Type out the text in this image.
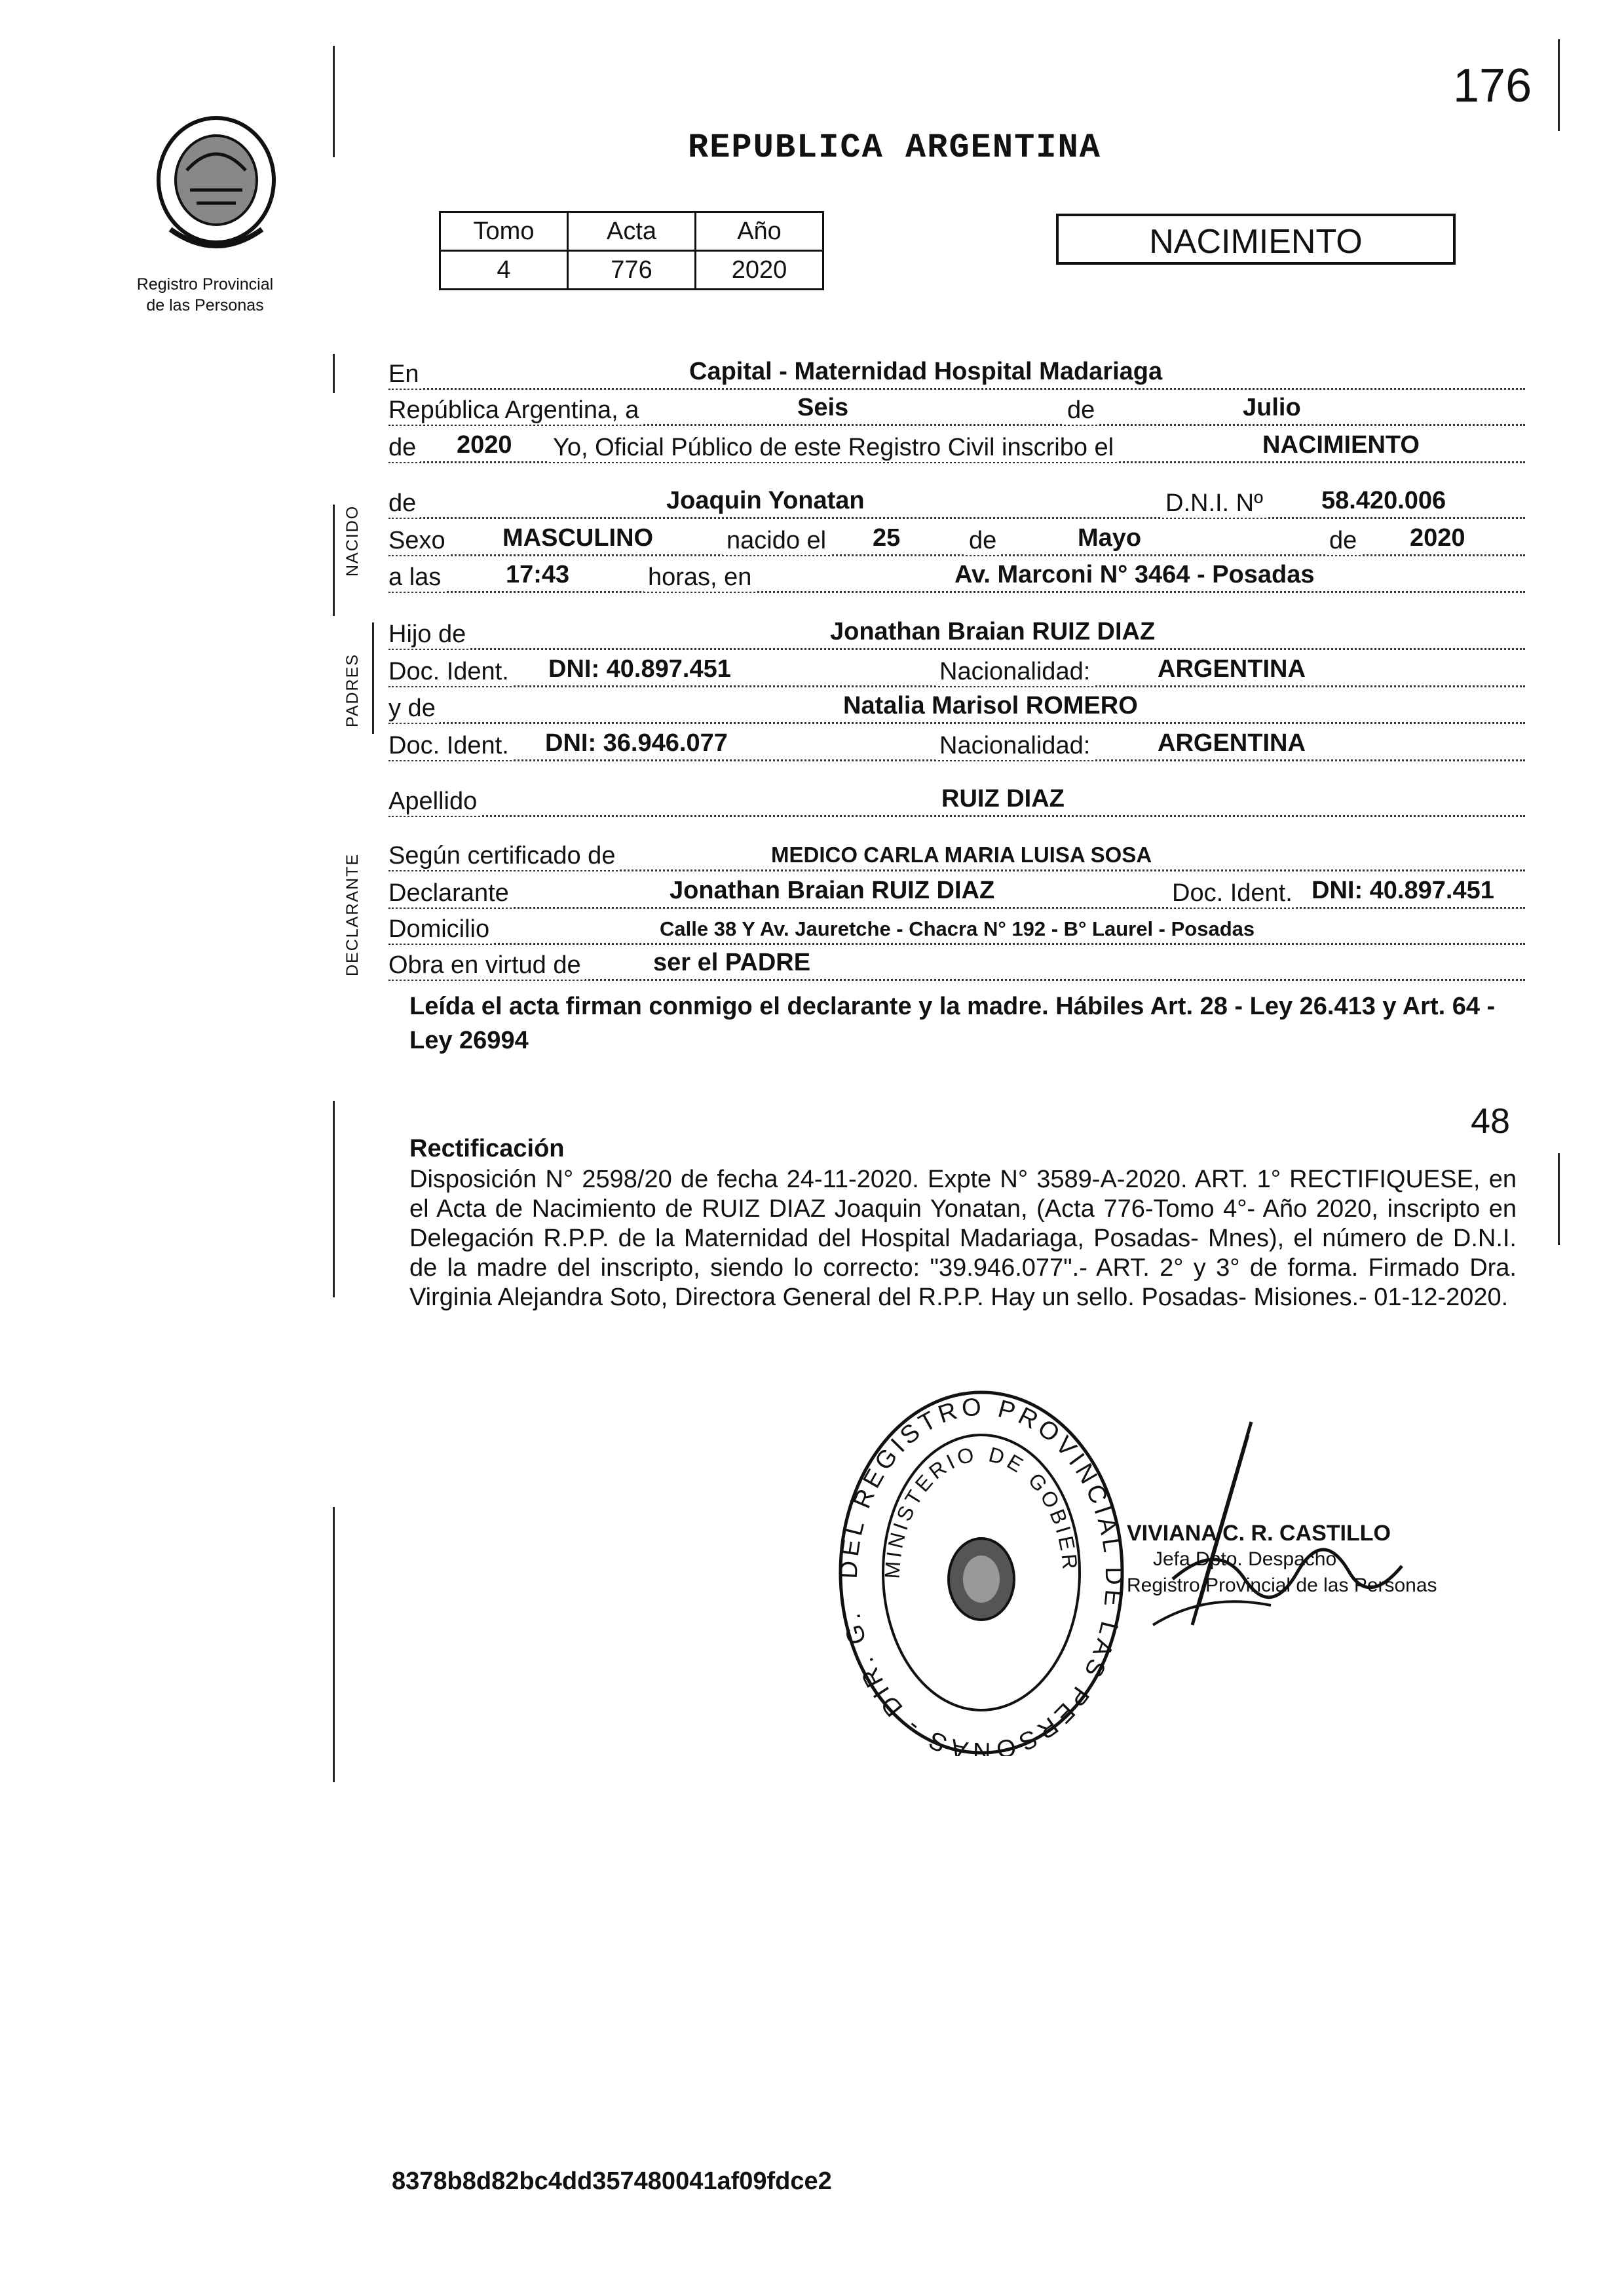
Registro Provincial
de las Personas
176
REPUBLICA ARGENTINA
Tomo	Acta	Año
4	776	2020
NACIMIENTO
NACIDO
PADRES
DECLARANTE
En	Capital - Maternidad Hospital Madariaga
República Argentina, a	Seis	de	Julio
de 2020 Yo, Oficial Público de este Registro Civil inscribo el	NACIMIENTO
de	Joaquin Yonatan	D.N.I. Nº 58.420.006
Sexo MASCULINO	nacido el 25	de	Mayo	de 2020
a las	17:43	horas, en	Av. Marconi N° 3464 - Posadas
Hijo de	Jonathan Braian RUIZ DIAZ
Doc. Ident. DNI: 40.897.451	Nacionalidad:	ARGENTINA
y de	Natalia Marisol ROMERO
Doc. Ident. DNI: 36.946.077	Nacionalidad:	ARGENTINA
Apellido	RUIZ DIAZ
Según certificado de	MEDICO CARLA MARIA LUISA SOSA
Declarante	Jonathan Braian RUIZ DIAZ	Doc. Ident. DNI: 40.897.451
Domicilio	Calle 38 Y Av. Jauretche - Chacra N° 192 - B° Laurel - Posadas
Obra en virtud de	ser el PADRE
Leída el acta firman conmigo el declarante y la madre. Hábiles Art. 28 - Ley 26.413 y Art. 64 - Ley 26994
48
Rectificación
Disposición N° 2598/20 de fecha 24-11-2020. Expte N° 3589-A-2020. ART. 1° RECTIFIQUESE, en el Acta de Nacimiento de RUIZ DIAZ Joaquin Yonatan, (Acta 776-Tomo 4°- Año 2020, inscripto en Delegación R.P.P. de la Maternidad del Hospital Madariaga, Posadas- Mnes), el número de D.N.I. de la madre del inscripto, siendo lo correcto: "39.946.077".- ART. 2° y 3° de forma. Firmado Dra. Virginia Alejandra Soto, Directora General del R.P.P. Hay un sello. Posadas- Misiones.- 01-12-2020.
DEL REGISTRO PROVINCIAL DE LAS PERSONAS - DIR. G.
MINISTERIO DE GOBIER
VIVIANA C. R. CASTILLO
Jefa Dpto. Despacho
Registro Provincial de las Personas
8378b8d82bc4dd357480041af09fdce2
